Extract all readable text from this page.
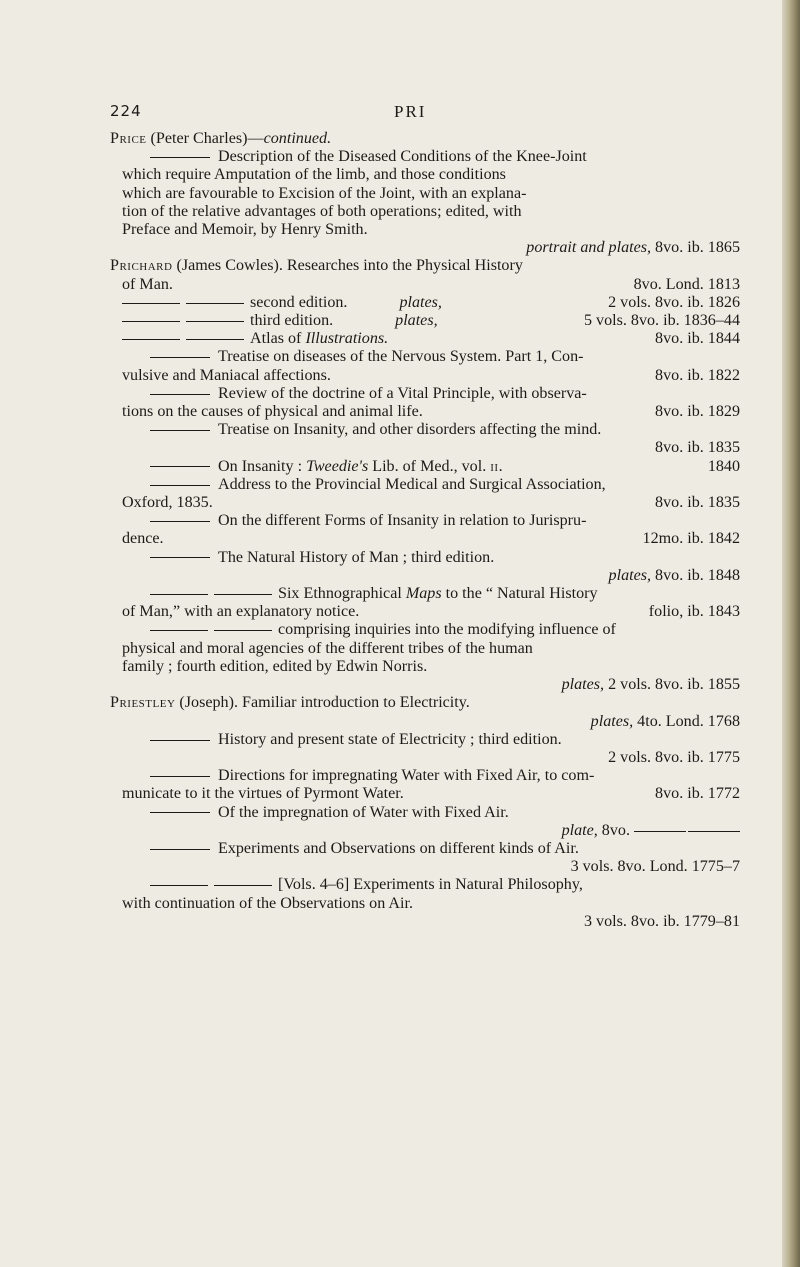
224	PRI
Price (Peter Charles)—continued.
Description of the Diseased Conditions of the Knee-Joint
which require Amputation of the limb, and those conditions
which are favourable to Excision of the Joint, with an explana-
tion of the relative advantages of both operations; edited, with
Preface and Memoir, by Henry Smith.
portrait and plates, 8vo. ib. 1865
Prichard (James Cowles). Researches into the Physical History
of Man.	8vo. Lond. 1813
second edition.	plates,	2 vols. 8vo. ib. 1826
third edition.	plates,	5 vols. 8vo. ib. 1836–44
Atlas of Illustrations.	8vo. ib. 1844
Treatise on diseases of the Nervous System. Part 1, Con-
vulsive and Maniacal affections.	8vo. ib. 1822
Review of the doctrine of a Vital Principle, with observa-
tions on the causes of physical and animal life.	8vo. ib. 1829
Treatise on Insanity, and other disorders affecting the mind.
8vo. ib. 1835
On Insanity : Tweedie's Lib. of Med., vol. ii.	1840
Address to the Provincial Medical and Surgical Association,
Oxford, 1835.	8vo. ib. 1835
On the different Forms of Insanity in relation to Jurispru-
dence.	12mo. ib. 1842
The Natural History of Man ; third edition.
plates, 8vo. ib. 1848
Six Ethnographical Maps to the “ Natural History
of Man,” with an explanatory notice.	folio, ib. 1843
comprising inquiries into the modifying influence of
physical and moral agencies of the different tribes of the human
family ; fourth edition, edited by Edwin Norris.
plates, 2 vols. 8vo. ib. 1855
Priestley (Joseph). Familiar introduction to Electricity.
plates, 4to. Lond. 1768
History and present state of Electricity ; third edition.
2 vols. 8vo. ib. 1775
Directions for impregnating Water with Fixed Air, to com-
municate to it the virtues of Pyrmont Water.	8vo. ib. 1772
Of the impregnation of Water with Fixed Air.
plate, 8vo.
Experiments and Observations on different kinds of Air.
3 vols. 8vo. Lond. 1775–7
[Vols. 4–6] Experiments in Natural Philosophy,
with continuation of the Observations on Air.
3 vols. 8vo. ib. 1779–81
